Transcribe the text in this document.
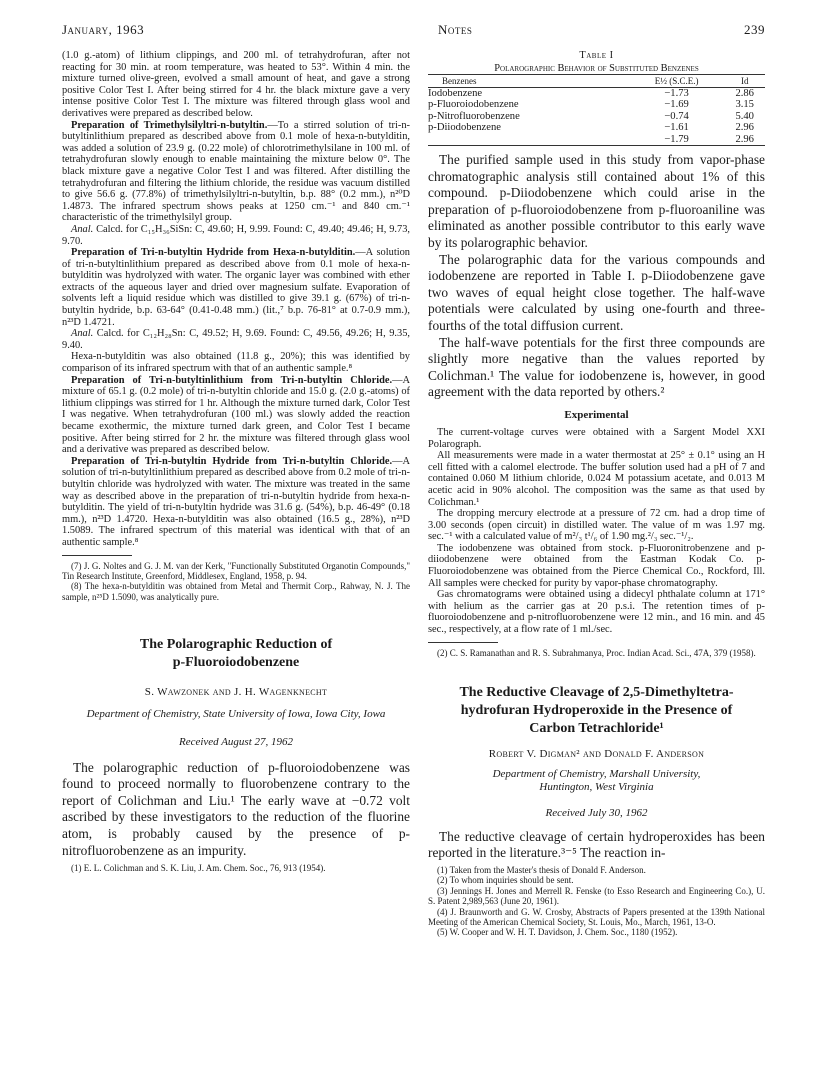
January, 1963	Notes	239

(1.0 g.-atom) of lithium clippings, and 200 ml. of tetrahydrofuran, after not reacting for 30 min. at room temperature, was heated to 53°. Within 4 min. the mixture turned olive-green, evolved a small amount of heat, and gave a strong positive Color Test I. After being stirred for 4 hr. the black mixture gave a very intense positive Color Test I. The mixture was filtered through glass wool and derivatives were prepared as described below.

Preparation of Trimethylsilyltri-n-butyltin.—To a stirred solution of tri-n-butyltinlithium prepared as described above from 0.1 mole of hexa-n-butylditin, was added a solution of 23.9 g. (0.22 mole) of chlorotrimethylsilane in 100 ml. of tetrahydrofuran slowly enough to enable maintaining the mixture below 0°. The black mixture gave a negative Color Test I and was filtered. After distilling the tetrahydrofuran and filtering the lithium chloride, the residue was vacuum distilled to give 56.6 g. (77.8%) of trimethylsilyltri-n-butyltin, b.p. 88° (0.2 mm.), n²⁰D 1.4873. The infrared spectrum shows peaks at 1250 cm.⁻¹ and 840 cm.⁻¹ characteristic of the trimethylsilyl group.

Anal. Calcd. for C₁₅H₃₆SiSn: C, 49.60; H, 9.99. Found: C, 49.40; 49.46; H, 9.73, 9.70.

Preparation of Tri-n-butyltin Hydride from Hexa-n-butylditin.—A solution of tri-n-butyltinlithium prepared as described above from 0.1 mole of hexa-n-butylditin was hydrolyzed with water. The organic layer was combined with ether extracts of the aqueous layer and dried over magnesium sulfate. Evaporation of solvents left a liquid residue which was distilled to give 39.1 g. (67%) of tri-n-butyltin hydride, b.p. 63-64° (0.41-0.48 mm.) (lit.,⁷ b.p. 76-81° at 0.7-0.9 mm.), n²³D 1.4721.

Anal. Calcd. for C₁₂H₂₈Sn: C, 49.52; H, 9.69. Found: C, 49.56, 49.26; H, 9.35, 9.40.

Hexa-n-butylditin was also obtained (11.8 g., 20%); this was identified by comparison of its infrared spectrum with that of an authentic sample.⁸

Preparation of Tri-n-butyltinlithium from Tri-n-butyltin Chloride.—A mixture of 65.1 g. (0.2 mole) of tri-n-butyltin chloride and 15.0 g. (2.0 g.-atoms) of lithium clippings was stirred for 1 hr. Although the mixture turned dark, Color Test I was negative. When tetrahydrofuran (100 ml.) was slowly added the reaction became exothermic, the mixture turned dark green, and Color Test I became positive. After being stirred for 2 hr. the mixture was filtered through glass wool and a derivative was prepared as described below.

Preparation of Tri-n-butyltin Hydride from Tri-n-butyltin Chloride.—A solution of tri-n-butyltinlithium prepared as described above from 0.2 mole of tri-n-butyltin chloride was hydrolyzed with water. The mixture was treated in the same way as described above in the preparation of tri-n-butyltin hydride from hexa-n-butylditin. The yield of tri-n-butyltin hydride was 31.6 g. (54%), b.p. 46-49° (0.18 mm.), n²³D 1.4720. Hexa-n-butylditin was also obtained (16.5 g., 28%), n²³D 1.5089. The infrared spectrum of this material was identical with that of an authentic sample.⁸

(7) J. G. Noltes and G. J. M. van der Kerk, "Functionally Substituted Organotin Compounds," Tin Research Institute, Greenford, Middlesex, England, 1958, p. 94.

(8) The hexa-n-butylditin was obtained from Metal and Thermit Corp., Rahway, N. J. The sample, n²⁵D 1.5090, was analytically pure.

The Polarographic Reduction of
p-Fluoroiodobenzene
S. Wawzonek and J. H. Wagenknecht
Department of Chemistry, State University of Iowa, Iowa City, Iowa
Received August 27, 1962

The polarographic reduction of p-fluoroiodobenzene was found to proceed normally to fluorobenzene contrary to the report of Colichman and Liu.¹ The early wave at −0.72 volt ascribed by these investigators to the reduction of the fluorine atom, is probably caused by the presence of p-nitrofluorobenzene as an impurity.

(1) E. L. Colichman and S. K. Liu, J. Am. Chem. Soc., 76, 913 (1954).

Table I
Polarographic Behavior of Substituted Benzenes
Benzenes	E½ (S.C.E.)	Id
Iodobenzene	−1.73	2.86
p-Fluoroiodobenzene	−1.69	3.15
p-Nitrofluorobenzene	−0.74	5.40
p-Diiodobenzene	−1.61	2.96
	−1.79	2.96

The purified sample used in this study from vapor-phase chromatographic analysis still contained about 1% of this compound. p-Diiodobenzene which could arise in the preparation of p-fluoroiodobenzene from p-fluoroaniline was eliminated as another possible contributor to this early wave by its polarographic behavior.

The polarographic data for the various compounds and iodobenzene are reported in Table I. p-Diiodobenzene gave two waves of equal height close together. The half-wave potentials were calculated by using one-fourth and three-fourths of the total diffusion current.

The half-wave potentials for the first three compounds are slightly more negative than the values reported by Colichman.¹ The value for iodobenzene is, however, in good agreement with the data reported by others.²

Experimental

The current-voltage curves were obtained with a Sargent Model XXI Polarograph.

All measurements were made in a water thermostat at 25° ± 0.1° using an H cell fitted with a calomel electrode. The buffer solution used had a pH of 7 and contained 0.060 M lithium chloride, 0.024 M potassium acetate, and 0.013 M acetic acid in 90% alcohol. The composition was the same as that used by Colichman.¹

The dropping mercury electrode at a pressure of 72 cm. had a drop time of 3.00 seconds (open circuit) in distilled water. The value of m was 1.97 mg. sec.⁻¹ with a calculated value of m²/₃ t¹/₆ of 1.90 mg.²/₃ sec.⁻¹/₂.

The iodobenzene was obtained from stock. p-Fluoronitrobenzene and p-diiodobenzene were obtained from the Eastman Kodak Co. p-Fluoroiodobenzene was obtained from the Pierce Chemical Co., Rockford, Ill. All samples were checked for purity by vapor-phase chromatography.

Gas chromatograms were obtained using a didecyl phthalate column at 171° with helium as the carrier gas at 20 p.s.i. The retention times of p-fluoroiodobenzene and p-nitrofluorobenzene were 12 min., and 16 min. and 45 sec., respectively, at a flow rate of 1 ml./sec.

(2) C. S. Ramanathan and R. S. Subrahmanya, Proc. Indian Acad. Sci., 47A, 379 (1958).

The Reductive Cleavage of 2,5-Dimethyltetra-
hydrofuran Hydroperoxide in the Presence of
Carbon Tetrachloride¹
Robert V. Digman² and Donald F. Anderson
Department of Chemistry, Marshall University,
Huntington, West Virginia
Received July 30, 1962

The reductive cleavage of certain hydroperoxides has been reported in the literature.³⁻⁵ The reaction in-

(1) Taken from the Master's thesis of Donald F. Anderson.

(2) To whom inquiries should be sent.

(3) Jennings H. Jones and Merrell R. Fenske (to Esso Research and Engineering Co.), U. S. Patent 2,989,563 (June 20, 1961).

(4) J. Braunworth and G. W. Crosby, Abstracts of Papers presented at the 139th National Meeting of the American Chemical Society, St. Louis, Mo., March, 1961, 13-O.

(5) W. Cooper and W. H. T. Davidson, J. Chem. Soc., 1180 (1952).
